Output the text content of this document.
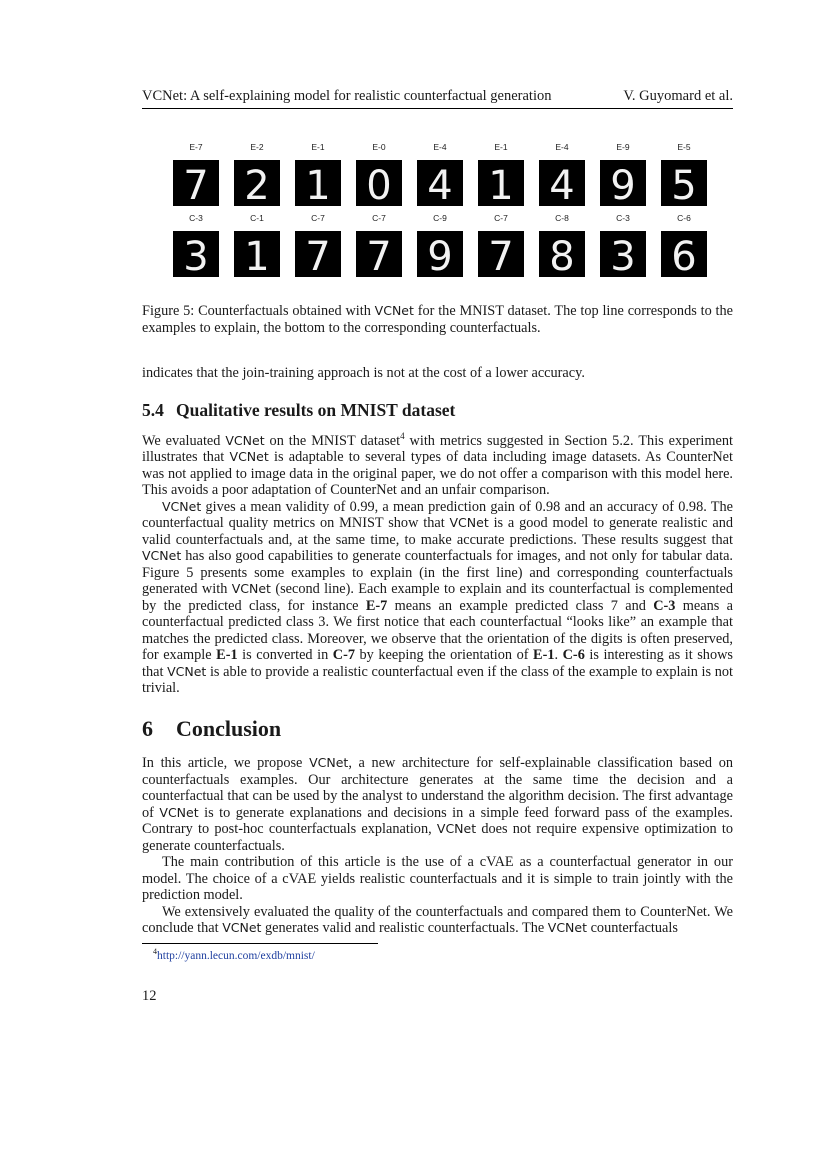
VCNet: A self-explaining model for realistic counterfactual generation	V. Guyomard et al.
E-7
7
E-2
2
E-1
1
E-0
0
E-4
4
E-1
1
E-4
4
E-9
9
E-5
5
C-3
3
C-1
1
C-7
7
C-7
7
C-9
9
C-7
7
C-8
8
C-3
3
C-6
6
Figure 5: Counterfactuals obtained with VCNet for the MNIST dataset. The top line corresponds to the examples to explain, the bottom to the corresponding counterfactuals.
indicates that the join-training approach is not at the cost of a lower accuracy.
5.4 Qualitative results on MNIST dataset

We evaluated VCNet on the MNIST dataset$^4$ with metrics suggested in Section 5.2. This experiment illustrates that VCNet is adaptable to several types of data including image datasets. As CounterNet was not applied to image data in the original paper, we do not offer a comparison with this model here. This avoids a poor adaptation of CounterNet and an unfair comparison.

VCNet gives a mean validity of 0.99, a mean prediction gain of 0.98 and an accuracy of 0.98. The counterfactual quality metrics on MNIST show that VCNet is a good model to generate realistic and valid counterfactuals and, at the same time, to make accurate predictions. These results suggest that VCNet has also good capabilities to generate counterfactuals for images, and not only for tabular data. Figure 5 presents some examples to explain (in the first line) and corresponding counterfactuals generated with VCNet (second line). Each example to explain and its counterfactual is complemented by the predicted class, for instance E-7 means an example predicted class 7 and C-3 means a counterfactual predicted class 3. We first notice that each counterfactual “looks like” an example that matches the predicted class. Moreover, we observe that the orientation of the digits is often preserved, for example E-1 is converted in C-7 by keeping the orientation of E-1. C-6 is interesting as it shows that VCNet is able to provide a realistic counterfactual even if the class of the example to explain is not trivial.

6 Conclusion

In this article, we propose VCNet, a new architecture for self-explainable classification based on counterfactuals examples. Our architecture generates at the same time the decision and a counterfactual that can be used by the analyst to understand the algorithm decision. The first advantage of VCNet is to generate explanations and decisions in a simple feed forward pass of the examples. Contrary to post-hoc counterfactuals explanation, VCNet does not require expensive optimization to generate counterfactuals.

The main contribution of this article is the use of a cVAE as a counterfactual generator in our model. The choice of a cVAE yields realistic counterfactuals and it is simple to train jointly with the prediction model.

We extensively evaluated the quality of the counterfactuals and compared them to CounterNet. We conclude that VCNet generates valid and realistic counterfactuals. The VCNet counterfactuals

$^4$http://yann.lecun.com/exdb/mnist/
12
